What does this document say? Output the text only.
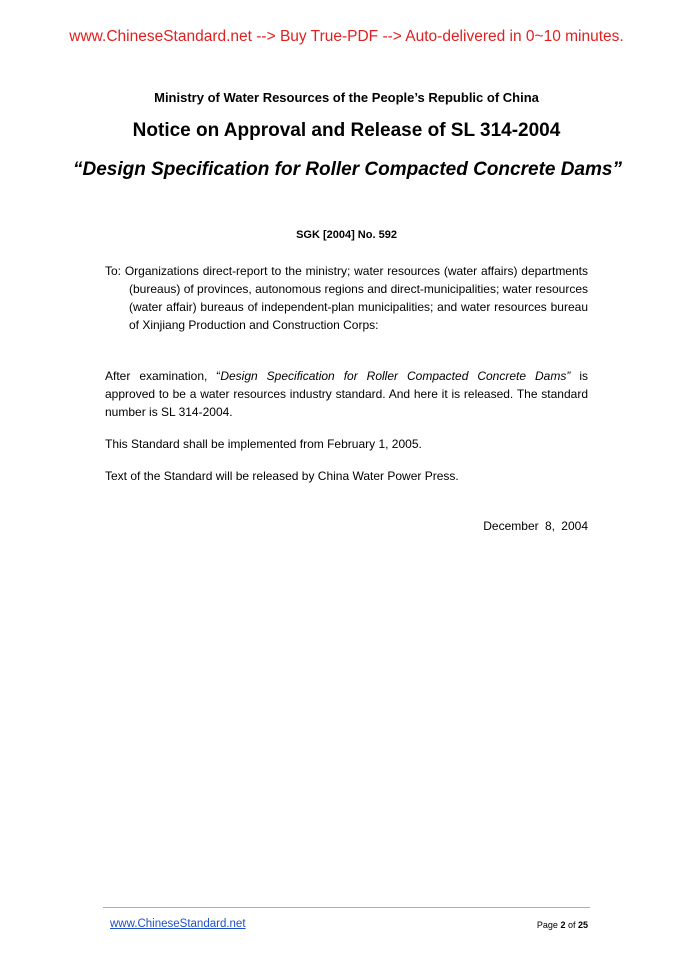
www.ChineseStandard.net --> Buy True-PDF --> Auto-delivered in 0~10 minutes.
Ministry of Water Resources of the People’s Republic of China
Notice on Approval and Release of SL 314-2004
“Design Specification for Roller Compacted Concrete Dams”
SGK [2004] No. 592

To: Organizations direct-report to the ministry; water resources (water affairs) departments (bureaus) of provinces, autonomous regions and direct-municipalities; water resources (water affair) bureaus of independent-plan municipalities; and water resources bureau of Xinjiang Production and Construction Corps:

After examination, “Design Specification for Roller Compacted Concrete Dams” is approved to be a water resources industry standard. And here it is released. The standard number is SL 314-2004.

This Standard shall be implemented from February 1, 2005.

Text of the Standard will be released by China Water Power Press.

December 8, 2004
www.ChineseStandard.net	Page 2 of 25
